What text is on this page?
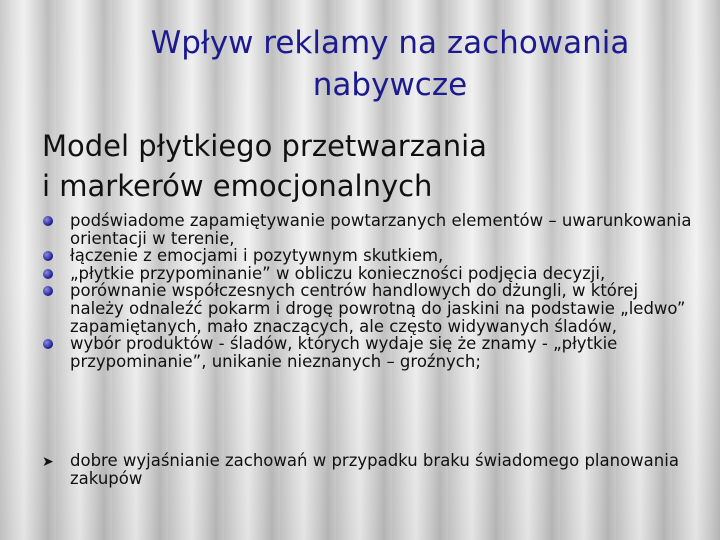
Wpływ reklamy na zachowania
nabywcze
Model płytkiego przetwarzania
i markerów emocjonalnych
podświadome zapamiętywanie powtarzanych elementów – uwarunkowania orientacji w terenie,
łączenie z emocjami i pozytywnym skutkiem,
„płytkie przypominanie” w obliczu konieczności podjęcia decyzji,
porównanie współczesnych centrów handlowych do dżungli, w której należy odnaleźć pokarm i drogę powrotną do jaskini na podstawie „ledwo” zapamiętanych, mało znaczących, ale często widywanych śladów,
wybór produktów - śladów, których wydaje się że znamy - „płytkie przypominanie”, unikanie nieznanych – groźnych;
➤ dobre wyjaśnianie zachowań w przypadku braku świadomego planowania zakupów
